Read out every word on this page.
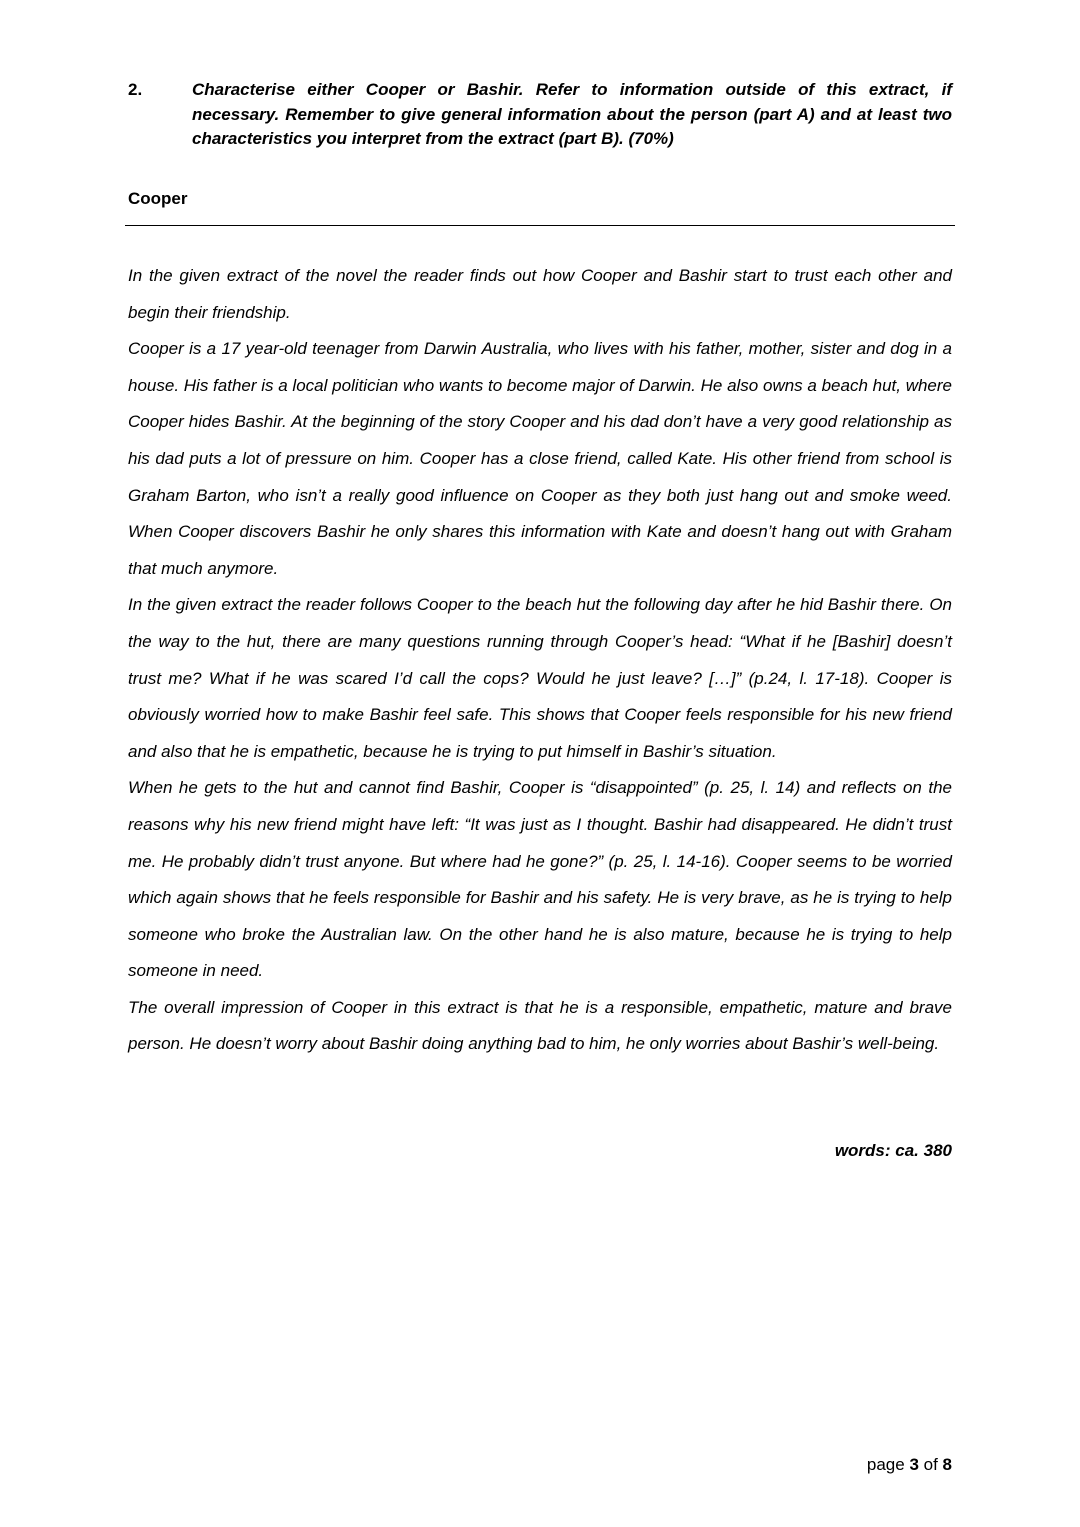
2.	Characterise either Cooper or Bashir. Refer to information outside of this extract, if necessary. Remember to give general information about the person (part A) and at least two characteristics you interpret from the extract (part B). (70%)
Cooper

In the given extract of the novel the reader finds out how Cooper and Bashir start to trust each other and begin their friendship.

Cooper is a 17 year-old teenager from Darwin Australia, who lives with his father, mother, sister and dog in a house. His father is a local politician who wants to become major of Darwin. He also owns a beach hut, where Cooper hides Bashir. At the beginning of the story Cooper and his dad don’t have a very good relationship as his dad puts a lot of pressure on him. Cooper has a close friend, called Kate. His other friend from school is Graham Barton, who isn’t a really good influence on Cooper as they both just hang out and smoke weed. When Cooper discovers Bashir he only shares this information with Kate and doesn’t hang out with Graham that much anymore.

In the given extract the reader follows Cooper to the beach hut the following day after he hid Bashir there. On the way to the hut, there are many questions running through Cooper’s head: “What if he [Bashir] doesn’t trust me? What if he was scared I’d call the cops? Would he just leave? […]” (p.24, l. 17-18). Cooper is obviously worried how to make Bashir feel safe. This shows that Cooper feels responsible for his new friend and also that he is empathetic, because he is trying to put himself in Bashir’s situation.

When he gets to the hut and cannot find Bashir, Cooper is “disappointed” (p. 25, l. 14) and reflects on the reasons why his new friend might have left: “It was just as I thought. Bashir had disappeared. He didn’t trust me. He probably didn’t trust anyone. But where had he gone?” (p. 25, l. 14-16). Cooper seems to be worried which again shows that he feels responsible for Bashir and his safety. He is very brave, as he is trying to help someone who broke the Australian law. On the other hand he is also mature, because he is trying to help someone in need.

The overall impression of Cooper in this extract is that he is a responsible, empathetic, mature and brave person. He doesn’t worry about Bashir doing anything bad to him, he only worries about Bashir’s well-being.

words: ca. 380
page 3 of 8
